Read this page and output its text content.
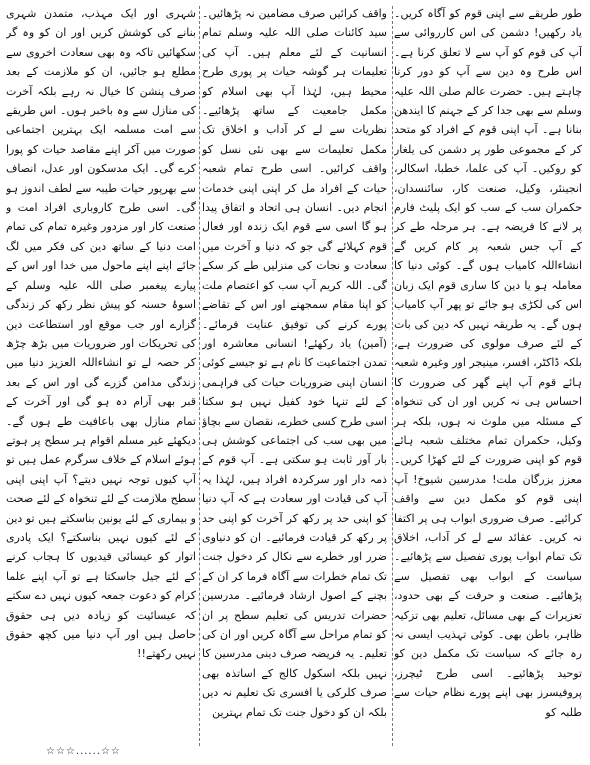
طور طریقے سے اپنی قوم کو آگاہ کریں۔ یاد رکھیں! دشمن کی اس کارروائی سے آپ کی قوم کو آپ سے لا تعلق کرنا ہے۔ اس طرح وہ دین سے آپ کو دور کرنا چاہتے ہیں۔ حضرت عالم صلی اللہ علیہ وسلم سے بھی جدا کر کے جہنم کا ایندھن بنانا ہے۔ آپ اپنی قوم کے افراد کو متحد کر کے مجموعی طور پر دشمن کی یلغار کو روکیں۔ آپ کی علما، خطبا، اسکالر، انجینئر، وکیل، صنعت کار، سائنسدان، حکمران سب کے سب کو ایک پلیٹ فارم پر لانے کا فریضہ ہے۔ ہر مرحلہ طے کر کے آپ جس شعبہ پر کام کریں گے انشاءاللہ کامیاب ہوں گے۔ کوئی دنیا کا معاملہ ہو یا دین کا ساری قوم ایک زبان اس کی لکڑی ہو جائے تو پھر آپ کامیاب ہوں گے۔ یہ طریقہ نہیں کہ دین کی بات کے لئے صرف مولوی کی ضرورت ہے، بلکہ ڈاکٹر، افسر، مینیجر اور وغیرہ شعبہ ہائے قوم آپ اپنے گھر کی ضرورت کا احساس ہی نہ کریں اور ان کی تنخواہ کے مسئلہ میں ملوث نہ ہوں، بلکہ ہر وکیل، حکمران تمام مختلف شعبہ ہائے قوم کو اپنی ضرورت کے لئے کھڑا کریں۔ معزز بزرگان ملت! مدرسین شیوخ! آپ اپنی قوم کو مکمل دین سے واقف کرائیے۔ صرف ضروری ابواب ہی پر اکتفا نہ کریں۔ عقائد سے لے کر آداب، اخلاق تک تمام ابواب پوری تفصیل سے پڑھائیے۔ سیاست کے ابواب بھی تفصیل سے پڑھائیے۔ صنعت و حرفت کے بھی حدود، تعزیرات کے بھی مسائل، تعلیم بھی تزکیہ ظاہر، باطن بھی۔ کوئی تہذیب ایسی نہ رہ جائے کہ سیاست تک مکمل دین کو توحید پڑھائیے۔ اسی طرح ٹیچرز، پروفیسرز بھی اپنے پورے نظام حیات سے طلبہ کو

واقف کرائیں صرف مضامین نہ پڑھائیں۔ سید کائنات صلی اللہ علیہ وسلم تمام انسانیت کے لئے معلم ہیں۔ آپ کی تعلیمات ہر گوشہ حیات پر پوری طرح محیط ہیں، لہٰذا آپ بھی اسلام کو مکمل جامعیت کے ساتھ پڑھائیے۔ نظریات سے لے کر آداب و اخلاق تک مکمل تعلیمات سے بھی نئی نسل کو واقف کرائیں۔ اسی طرح تمام شعبہ حیات کے افراد مل کر اپنی اپنی خدمات انجام دیں۔ انسان ہی اتحاد و اتفاق پیدا ہو گا اسی سے قوم ایک زندہ اور فعال قوم کہلائے گی جو کہ دنیا و آخرت میں سعادت و نجات کی منزلیں طے کر سکے گی۔ اللہ کریم آپ سب کو اعتصام ملت کو اپنا مقام سمجھنے اور اس کے تقاضے پورے کرنے کی توفیق عنایت فرمائے۔ (آمین) یاد رکھئے! انسانی معاشرہ اور تمدن اجتماعیت کا نام ہے تو جیسے کوئی انسان اپنی ضروریات حیات کی فراہمی کے لئے تنہا خود کفیل نہیں ہو سکتا اسی طرح کسی خطرے، نقصان سے بچاؤ میں بھی سب کی اجتماعی کوشش ہی بار آور ثابت ہو سکتی ہے۔ آپ قوم کے ذمہ دار اور سرکردہ افراد ہیں، لہٰذا یہ آپ کی قیادت اور سعادت ہے کہ آپ دنیا کو اپنی حد پر رکھ کر آخرت کو اپنی حد پر رکھ کر قیادت فرمائیے۔ ان کو دنیاوی ضرر اور خطرے سے نکال کر دخول جنت تک تمام خطرات سے آگاہ فرما کر ان کے بچنے کے اصول ارشاد فرمائیے۔ مدرسین حضرات تدریس کی تعلیم سطح پر ان کو تمام مراحل سے آگاہ کریں اور ان کی تعلیم۔ یہ فریضہ صرف دینی مدرسین کا نہیں بلکہ اسکول کالج کے اساتذہ بھی صرف کلرکی یا افسری تک تعلیم نہ دیں بلکہ ان کو دخول جنت تک تمام بہترین

شہری اور ایک مہذب، متمدن شہری بنانے کی کوشش کریں اور ان کو وہ گر سکھائیں تاکہ وہ بھی سعادت اخروی سے مطلع ہو جائیں، ان کو ملازمت کے بعد صرف پنشن کا خیال نہ رہے بلکہ آخرت کی منازل سے وہ باخبر ہوں۔ اس طریقے سے امت مسلمہ ایک بہترین اجتماعی صورت میں آکر اپنے مقاصد حیات کو پورا کرے گی۔ ایک مدسکون اور عدل، انصاف سے بھرپور حیات طیبہ سے لطف اندوز ہو گی۔ اسی طرح کاروباری افراد امت و صنعت کار اور مزدور وغیرہ تمام کی تمام امت دنیا کے ساتھ دین کی فکر میں لگ جائے اپنے اپنے ماحول میں خدا اور اس کے پیارے پیغمبر صلی اللہ علیہ وسلم کے اسوۂ حسنہ کو پیش نظر رکھ کر زندگی گزارے اور جب موقع اور استطاعت دین کی تحریکات اور ضروریات میں بڑھ چڑھ کر حصہ لے تو انشاءاللہ العزیز دنیا میں زندگی مدامن گزرے گی اور اس کے بعد قبر بھی آرام دہ ہو گی اور آخرت کے تمام منازل بھی باعافیت طے ہوں گے۔ دیکھئے غیر مسلم اقوام ہر سطح پر ہوتے ہوئے اسلام کے خلاف سرگرم عمل ہیں تو آپ کیوں توجہ نہیں دیتے؟ آپ اپنی اپنی سطح ملازمت کے لئے تنخواہ کے لئے صحت و بیماری کے لئے یونین بناسکتے ہیں تو دین کے لئے کیوں نہیں بناسکتے؟ ایک پادری اتوار کو عیسائی قیدیوں کا ہجاب کرنے کے لئے جیل جاسکتا ہے تو آپ اپنے علما کرام کو دعوت جمعہ کیوں نہیں دے سکتے کہ عیسائیت کو زیادہ دیں ہی حقوق حاصل ہیں اور آپ دنیا میں کچھ حقوق نہیں رکھتے!!

☆☆☆......☆☆
